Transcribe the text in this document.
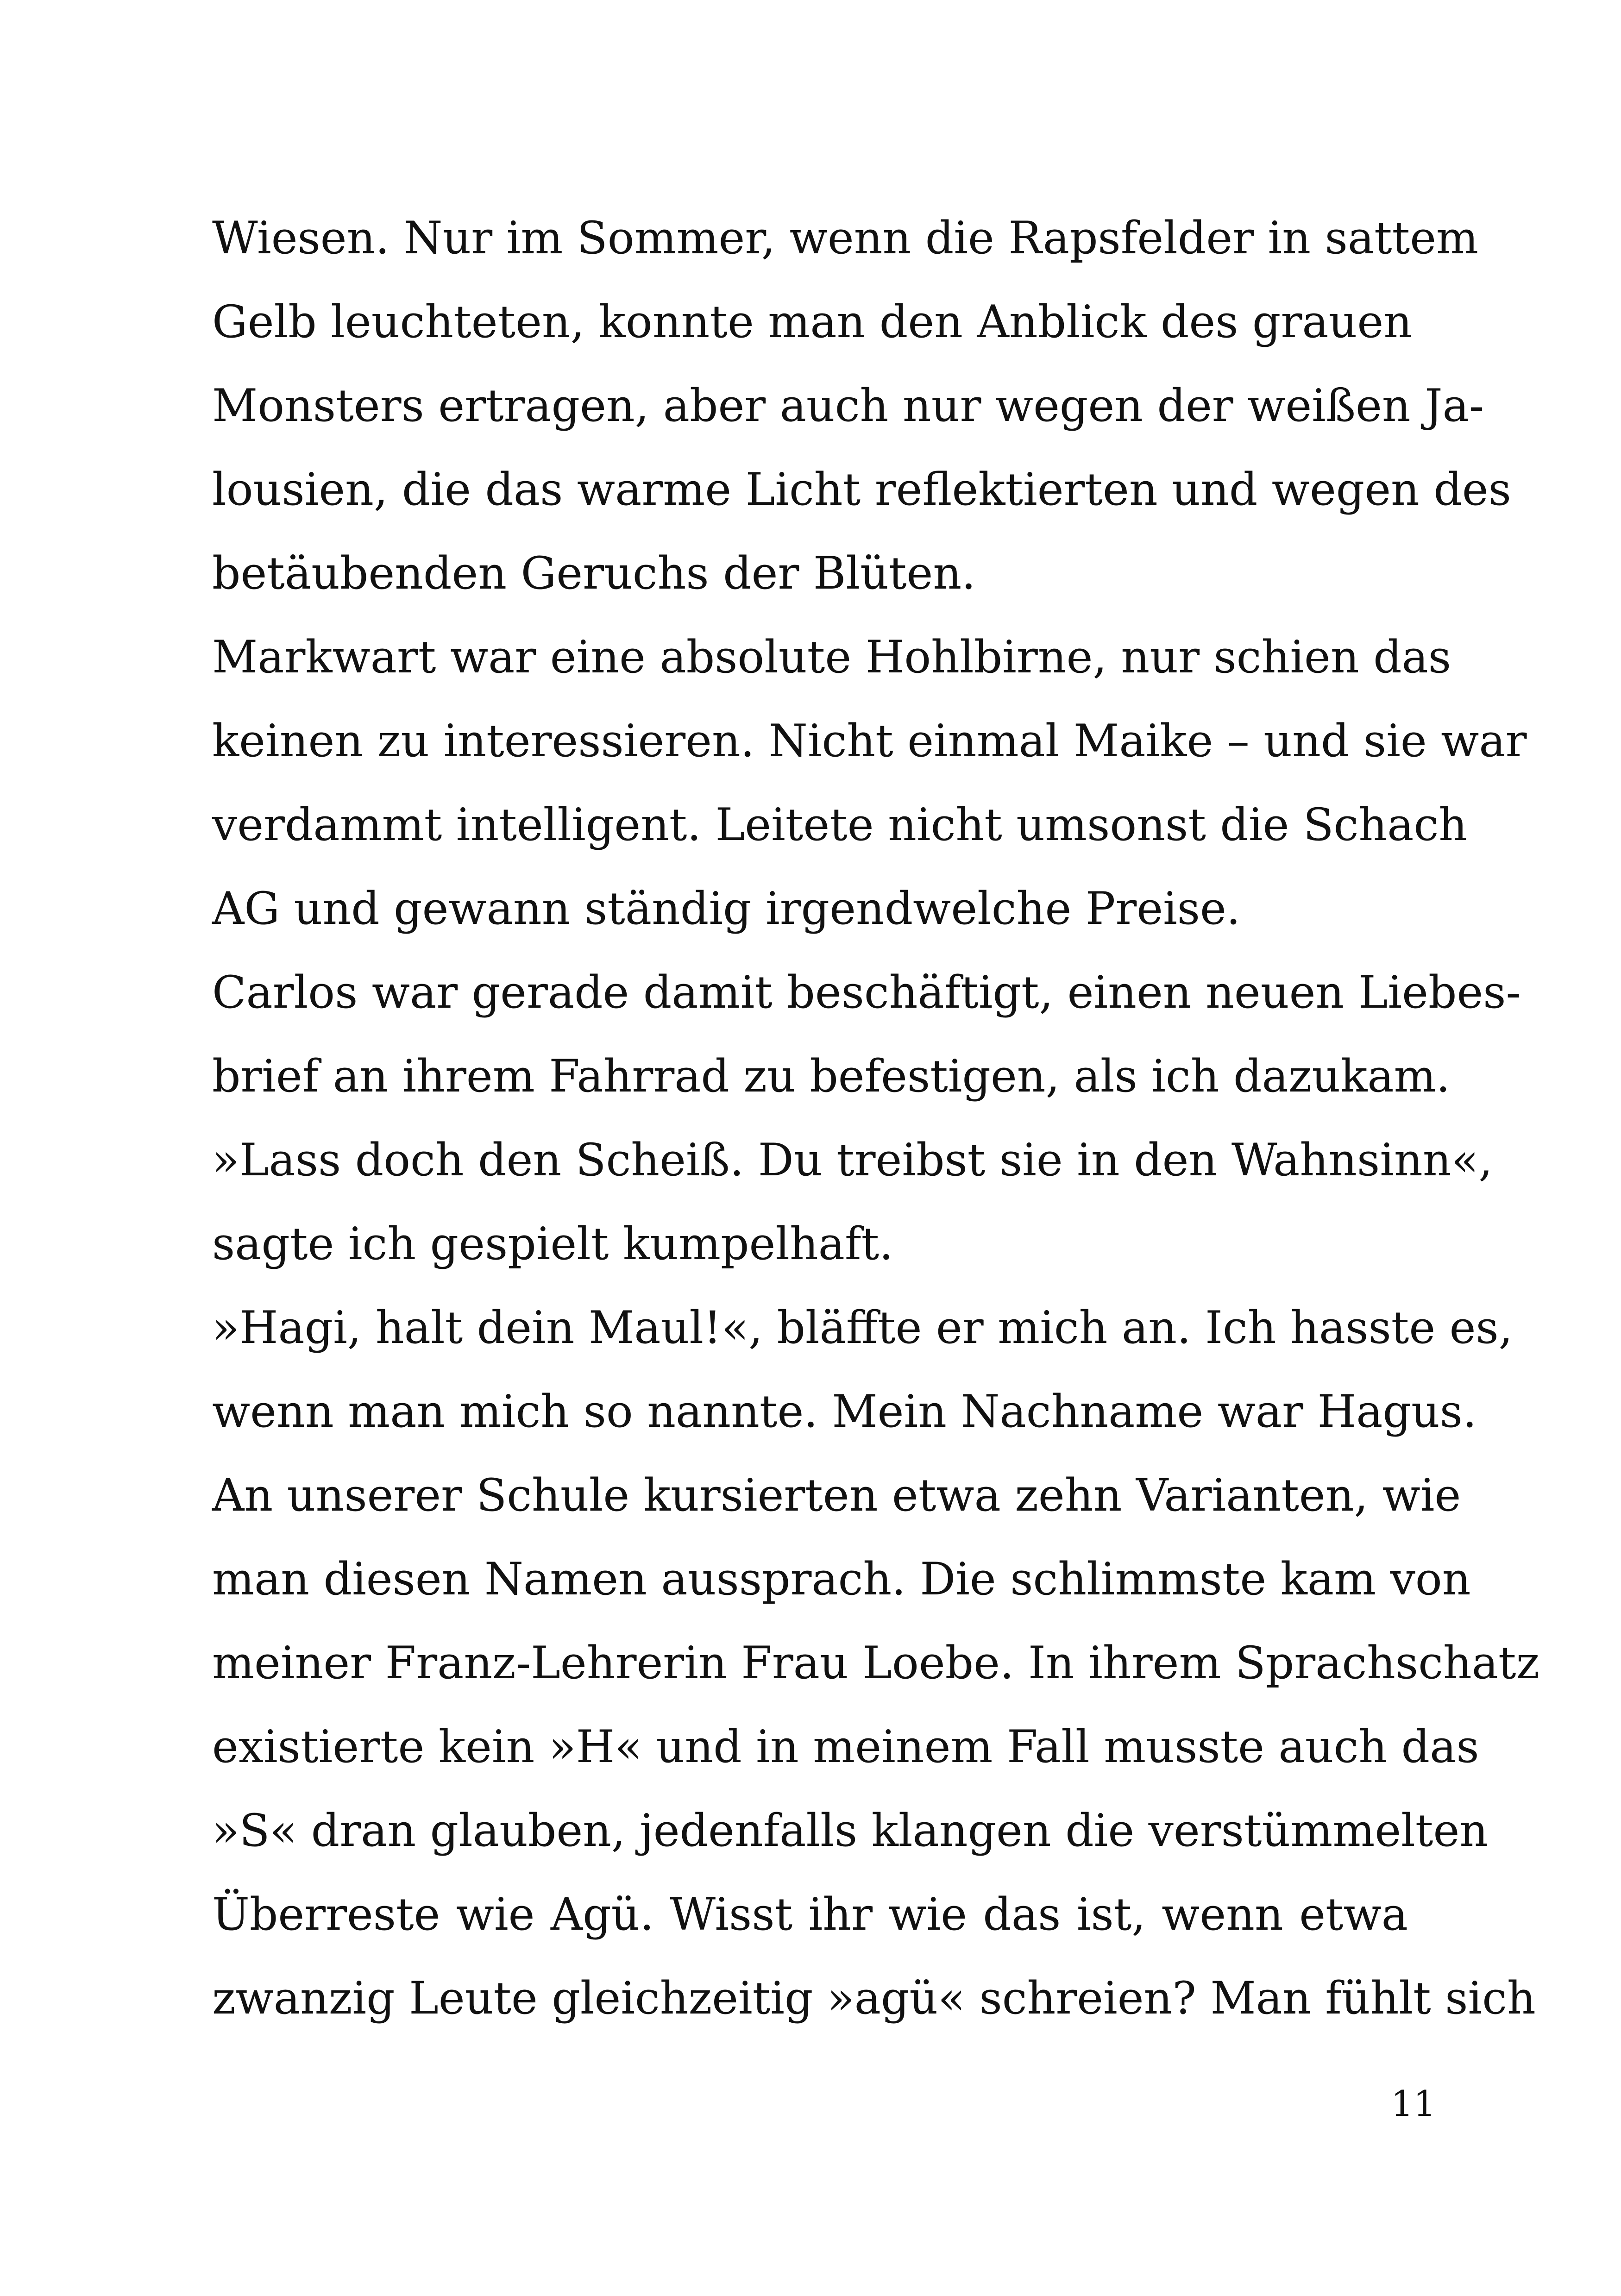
Wiesen. Nur im Sommer, wenn die Rapsfelder in sattem
Gelb leuchteten, konnte man den Anblick des grauen
Monsters ertragen, aber auch nur wegen der weißen Ja-
lousien, die das warme Licht reflektierten und wegen des
betäubenden Geruchs der Blüten.

Markwart war eine absolute Hohlbirne, nur schien das
keinen zu interessieren. Nicht einmal Maike – und sie war
verdammt intelligent. Leitete nicht umsonst die Schach
AG und gewann ständig irgendwelche Preise.

Carlos war gerade damit beschäftigt, einen neuen Liebes-
brief an ihrem Fahrrad zu befestigen, als ich dazukam.

»Lass doch den Scheiß. Du treibst sie in den Wahnsinn«,
sagte ich gespielt kumpelhaft.

»Hagi, halt dein Maul!«, bläffte er mich an. Ich hasste es,
wenn man mich so nannte. Mein Nachname war Hagus.
An unserer Schule kursierten etwa zehn Varianten, wie
man diesen Namen aussprach. Die schlimmste kam von
meiner Franz-Lehrerin Frau Loebe. In ihrem Sprachschatz
existierte kein »H« und in meinem Fall musste auch das
»S« dran glauben, jedenfalls klangen die verstümmelten
Überreste wie Agü. Wisst ihr wie das ist, wenn etwa
zwanzig Leute gleichzeitig »agü« schreien? Man fühlt sich

11
